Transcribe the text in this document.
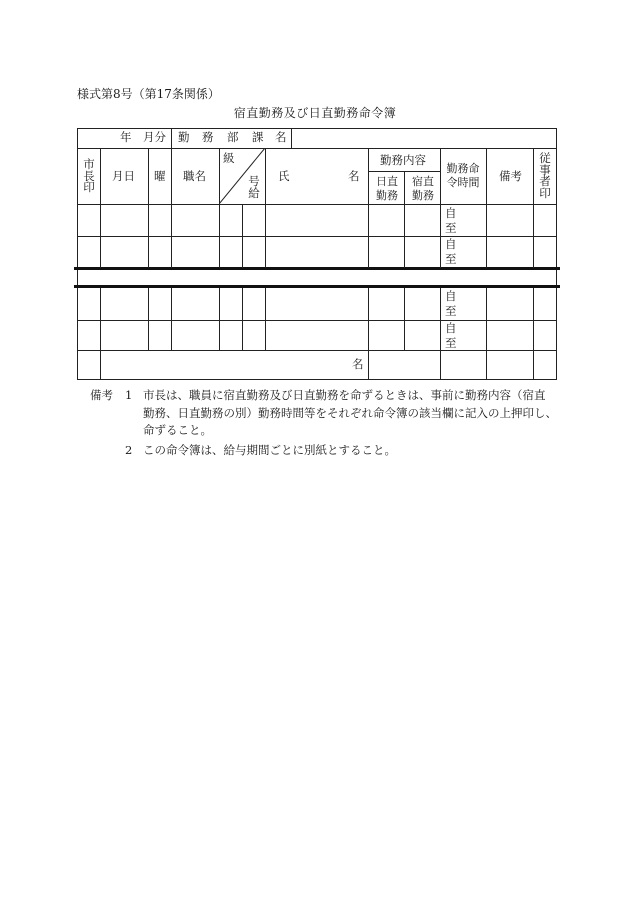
様式第8号（第17条関係）
宿直勤務及び日直勤務命令簿
年 月分 勤 務 部 課 名
市
長
印
月日 曜 職名
級
号
給
氏	名
勤務内容
日直
勤務
宿直
勤務
勤務命
令時間	備考
従
事
者
印
自
至
自
至
自
至
自
至
名
備考 1 市長は、職員に宿直勤務及び日直勤務を命ずるときは、事前に勤務内容（宿直
勤務、日直勤務の別）勤務時間等をそれぞれ命令簿の該当欄に記入の上押印し、
命ずること。
2 この命令簿は、給与期間ごとに別紙とすること。
